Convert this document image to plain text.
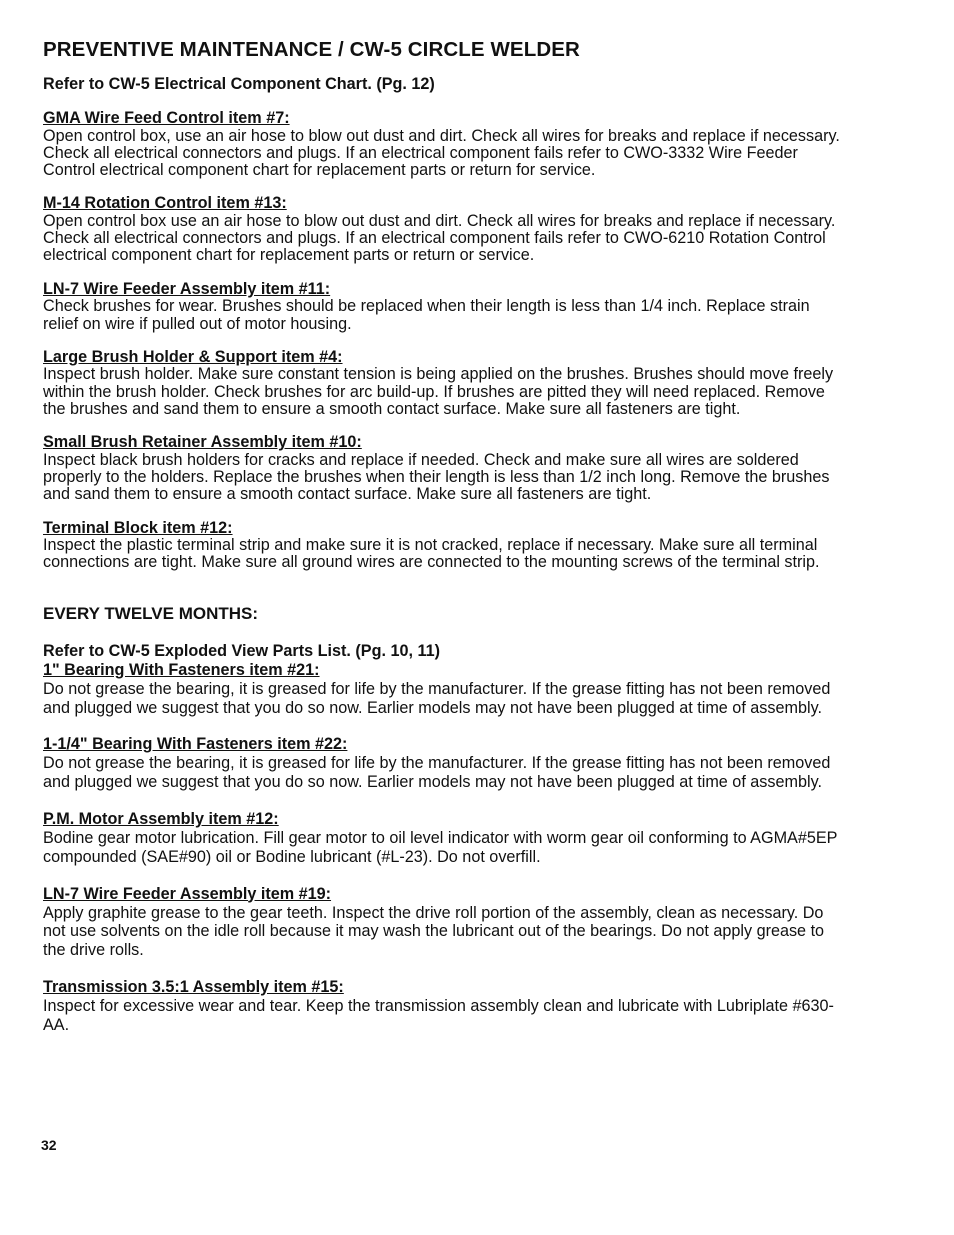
PREVENTIVE MAINTENANCE / CW-5 CIRCLE WELDER

Refer to CW-5 Electrical Component Chart. (Pg. 12)

GMA Wire Feed Control item #7:

Open control box, use an air hose to blow out dust and dirt. Check all wires for breaks and replace if necessary. Check all electrical connectors and plugs. If an electrical component fails refer to CWO-3332 Wire Feeder Control electrical component chart for replacement parts or return for service.

M-14 Rotation Control item #13:

Open control box use an air hose to blow out dust and dirt. Check all wires for breaks and replace if necessary. Check all electrical connectors and plugs. If an electrical component fails refer to CWO-6210 Rotation Control electrical component chart for replacement parts or return or service.

LN-7 Wire Feeder Assembly item #11:

Check brushes for wear. Brushes should be replaced when their length is less than 1/4 inch. Replace strain relief on wire if pulled out of motor housing.

Large Brush Holder & Support item #4:

Inspect brush holder. Make sure constant tension is being applied on the brushes. Brushes should move freely within the brush holder. Check brushes for arc build-up. If brushes are pitted they will need replaced. Remove the brushes and sand them to ensure a smooth contact surface. Make sure all fasteners are tight.

Small Brush Retainer Assembly item #10:

Inspect black brush holders for cracks and replace if needed. Check and make sure all wires are soldered properly to the holders. Replace the brushes when their length is less than 1/2 inch long. Remove the brushes and sand them to ensure a smooth contact surface. Make sure all fasteners are tight.

Terminal Block item #12:

Inspect the plastic terminal strip and make sure it is not cracked, replace if necessary. Make sure all terminal connections are tight. Make sure all ground wires are connected to the mounting screws of the terminal strip.

EVERY TWELVE MONTHS:

Refer to CW-5 Exploded View Parts List. (Pg. 10, 11)

1" Bearing With Fasteners item #21:

Do not grease the bearing, it is greased for life by the manufacturer. If the grease fitting has not been removed and plugged we suggest that you do so now. Earlier models may not have been plugged at time of assembly.

1-1/4" Bearing With Fasteners item #22:

Do not grease the bearing, it is greased for life by the manufacturer. If the grease fitting has not been removed and plugged we suggest that you do so now. Earlier models may not have been plugged at time of assembly.

P.M. Motor Assembly item #12:

Bodine gear motor lubrication. Fill gear motor to oil level indicator with worm gear oil conforming to AGMA#5EP compounded (SAE#90) oil or Bodine lubricant (#L-23). Do not overfill.

LN-7 Wire Feeder Assembly item #19:

Apply graphite grease to the gear teeth. Inspect the drive roll portion of the assembly, clean as necessary. Do not use solvents on the idle roll because it may wash the lubricant out of the bearings. Do not apply grease to the drive rolls.

Transmission 3.5:1 Assembly item #15:

Inspect for excessive wear and tear. Keep the transmission assembly clean and lubricate with Lubriplate #630-AA.

32
